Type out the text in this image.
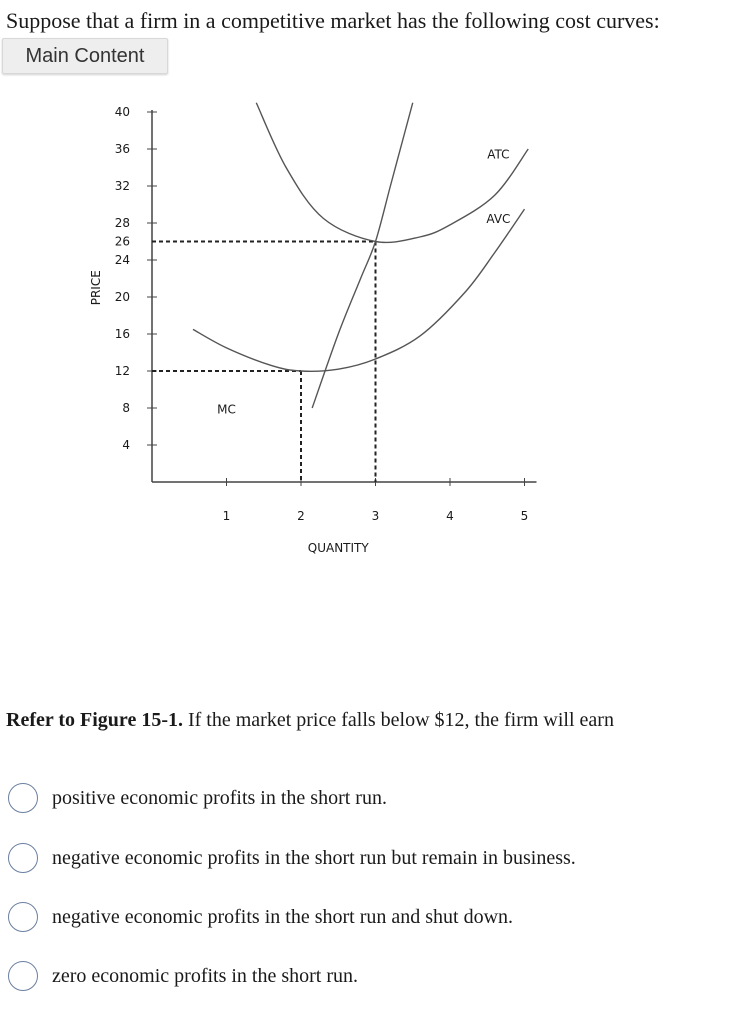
Suppose that a firm in a competitive market has the following cost curves:
Main Content
4
8
12
16
20
24
26
28
32
36
40
1	2	3	4	5
ATC
AVC
MC
PRICE
QUANTITY
Refer to Figure 15-1. If the market price falls below $12, the firm will earn
positive economic profits in the short run.
negative economic profits in the short run but remain in business.
negative economic profits in the short run and shut down.
zero economic profits in the short run.
